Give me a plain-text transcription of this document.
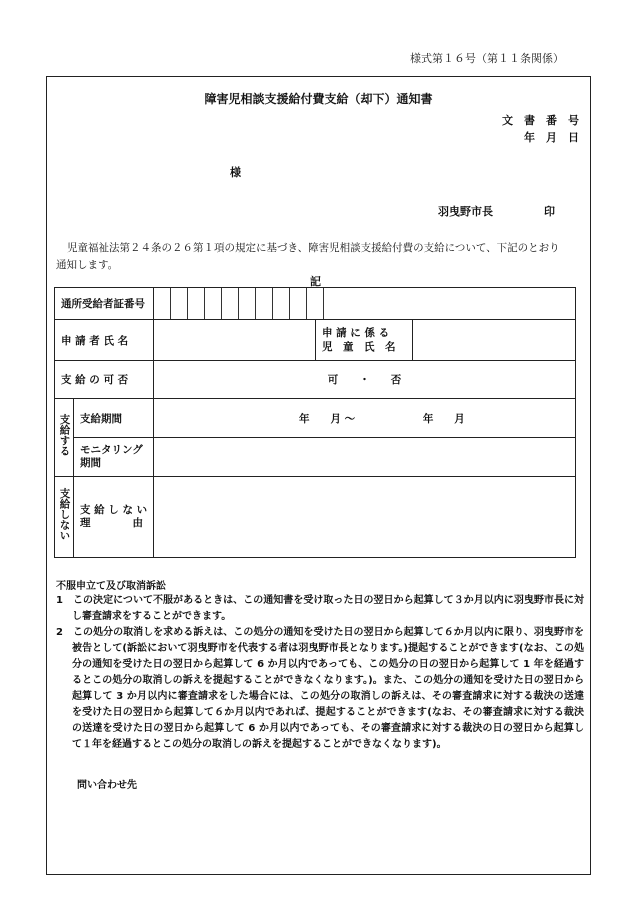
様式第１６号（第１１条関係）
障害児相談支援給付費支給（却下）通知書
文　書　番　号
年　月　日
様
羽曳野市長	印
児童福祉法第２４条の２６第１項の規定に基づき、障害児相談支援給付費の支給について、下記のとおり
通知します。
記
通所受給者証番号				

申 請 者 氏 名			申 請 に 係 る
児　童　氏　名	

支 給 の 可 否		可　　・　　否		
支給する	支給期間	年　　月 ～ 年　　月		

	モニタリング
期間			

支給しない	支 給 し な い
理　　　　由			

不服申立て及び取消訴訟

1　この決定について不服があるときは、この通知書を受け取った日の翌日から起算して３か月以内に羽曳野市長に対し審査請求をすることができます。

2　この処分の取消しを求める訴えは、この処分の通知を受けた日の翌日から起算して６か月以内に限り、羽曳野市を被告として(訴訟において羽曳野市を代表する者は羽曳野市長となります。)提起することができます(なお、この処分の通知を受けた日の翌日から起算して 6 か月以内であっても、この処分の日の翌日から起算して 1 年を経過するとこの処分の取消しの訴えを提起することができなくなります。)。また、この処分の通知を受けた日の翌日から起算して 3 か月以内に審査請求をした場合には、この処分の取消しの訴えは、その審査請求に対する裁決の送達を受けた日の翌日から起算して６か月以内であれば、提起することができます(なお、その審査請求に対する裁決の送達を受けた日の翌日から起算して 6 か月以内であっても、その審査請求に対する裁決の日の翌日から起算して１年を経過するとこの処分の取消しの訴えを提起することができなくなります)。

問い合わせ先
